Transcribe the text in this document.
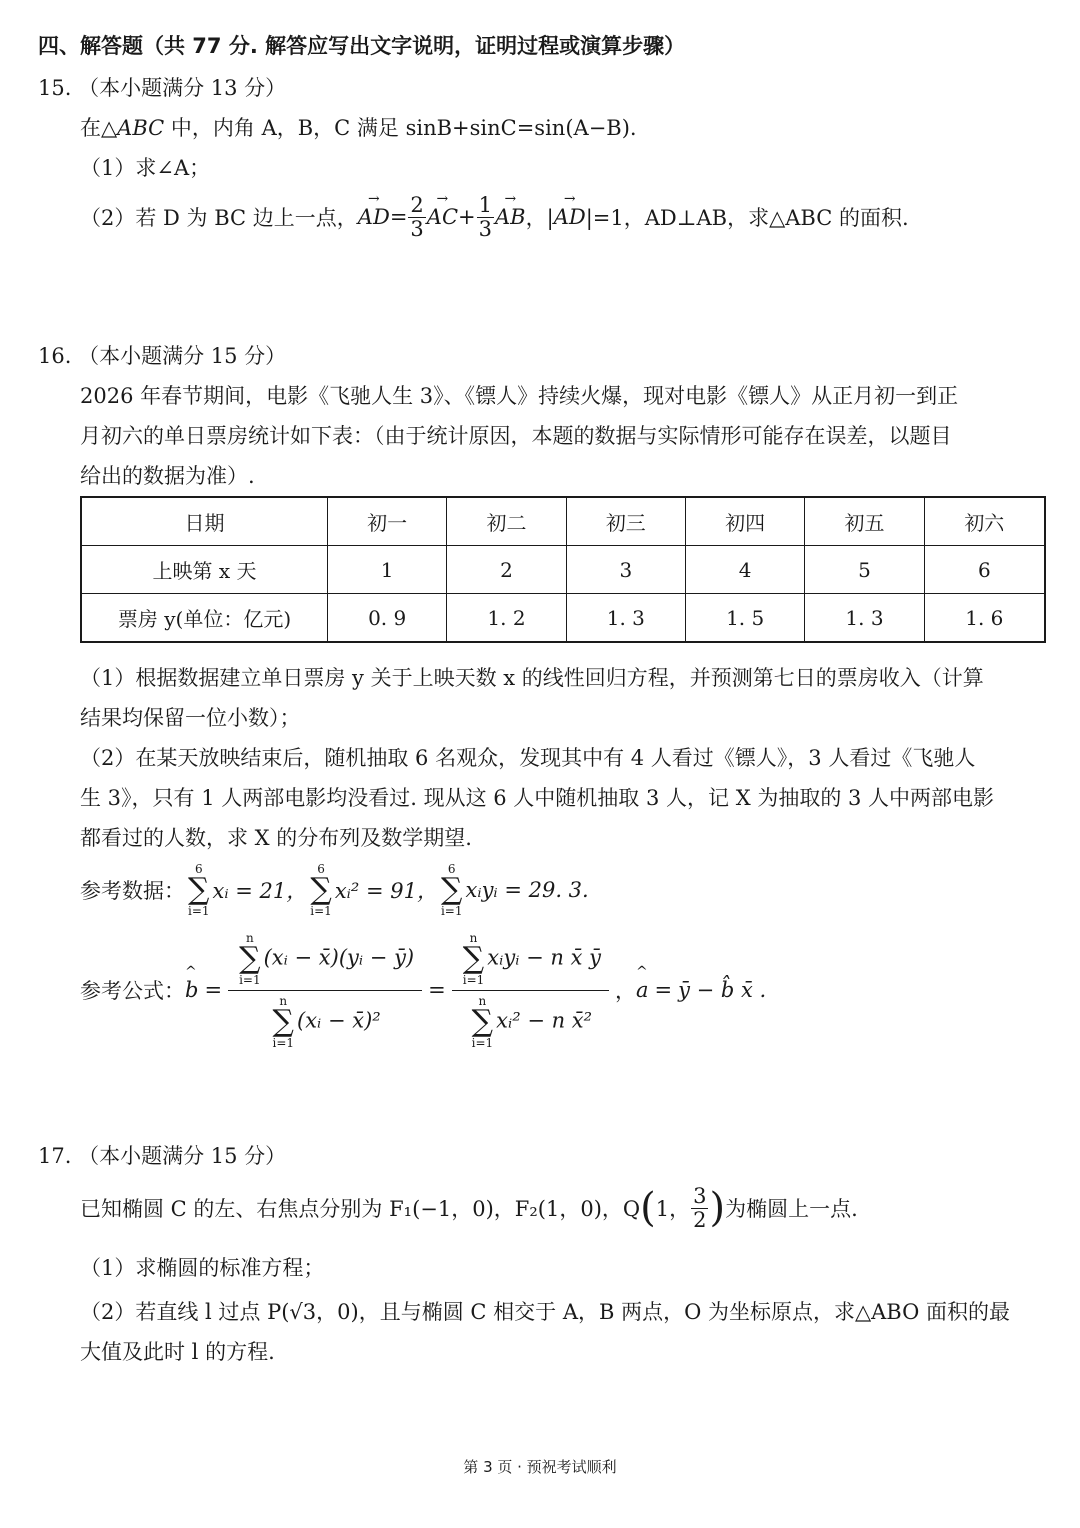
四、解答题（共 77 分. 解答应写出文字说明，证明过程或演算步骤）
15. （本小题满分 13 分）
在△ABC 中，内角 A，B，C 满足 sinB+sinC=sin(A−B).
（1）求∠A；
（2）若 D 为 BC 边上一点， → AD = $\frac{2}{3}$ → AC + $\frac{1}{3}$ → AB ，| → AD |=1，AD⊥AB，求△ABC 的面积.
16. （本小题满分 15 分）
2026 年春节期间，电影《飞驰人生 3》、《镖人》持续火爆，现对电影《镖人》从正月初一到正
月初六的单日票房统计如下表：（由于统计原因，本题的数据与实际情形可能存在误差，以题目
给出的数据为准）.
日期	初一	初二	初三	初四	初五	初六
上映第 x 天	1	2	3	4	5	6
票房 y(单位：亿元)	0. 9	1. 2	1. 3	1. 5	1. 3	1. 6
（1）根据数据建立单日票房 y 关于上映天数 x 的线性回归方程，并预测第七日的票房收入（计算
结果均保留一位小数）；
（2）在某天放映结束后，随机抽取 6 名观众，发现其中有 4 人看过《镖人》，3 人看过《飞驰人
生 3》，只有 1 人两部电影均没看过. 现从这 6 人中随机抽取 3 人，记 X 为抽取的 3 人中两部电影
都看过的人数，求 X 的分布列及数学期望.
参考数据：
6
∑
i=1
xᵢ = 21，
6
∑
i=1
xᵢ² = 91，
6
∑
i=1
xᵢyᵢ = 29. 3.
参考公式： ^ b = n
∑
i=1
(xᵢ − x̄)(yᵢ − ȳ)
n
∑
i=1
(xᵢ − x̄)² =
n
∑
i=1
xᵢyᵢ − n x̄ ȳ
n
∑
i=1
xᵢ² − n x̄²
， ^ a = ȳ − b̂ x̄ .
17. （本小题满分 15 分）
已知椭圆 C 的左、右焦点分别为 F₁(−1，0)，F₂(1，0)，Q ( 1， $\frac{3}{2}$ ) 为椭圆上一点.
（1）求椭圆的标准方程；
（2）若直线 l 过点 P(√3，0)，且与椭圆 C 相交于 A，B 两点，O 为坐标原点，求△ABO 面积的最
大值及此时 l 的方程.
第 3 页 · 预祝考试顺利
